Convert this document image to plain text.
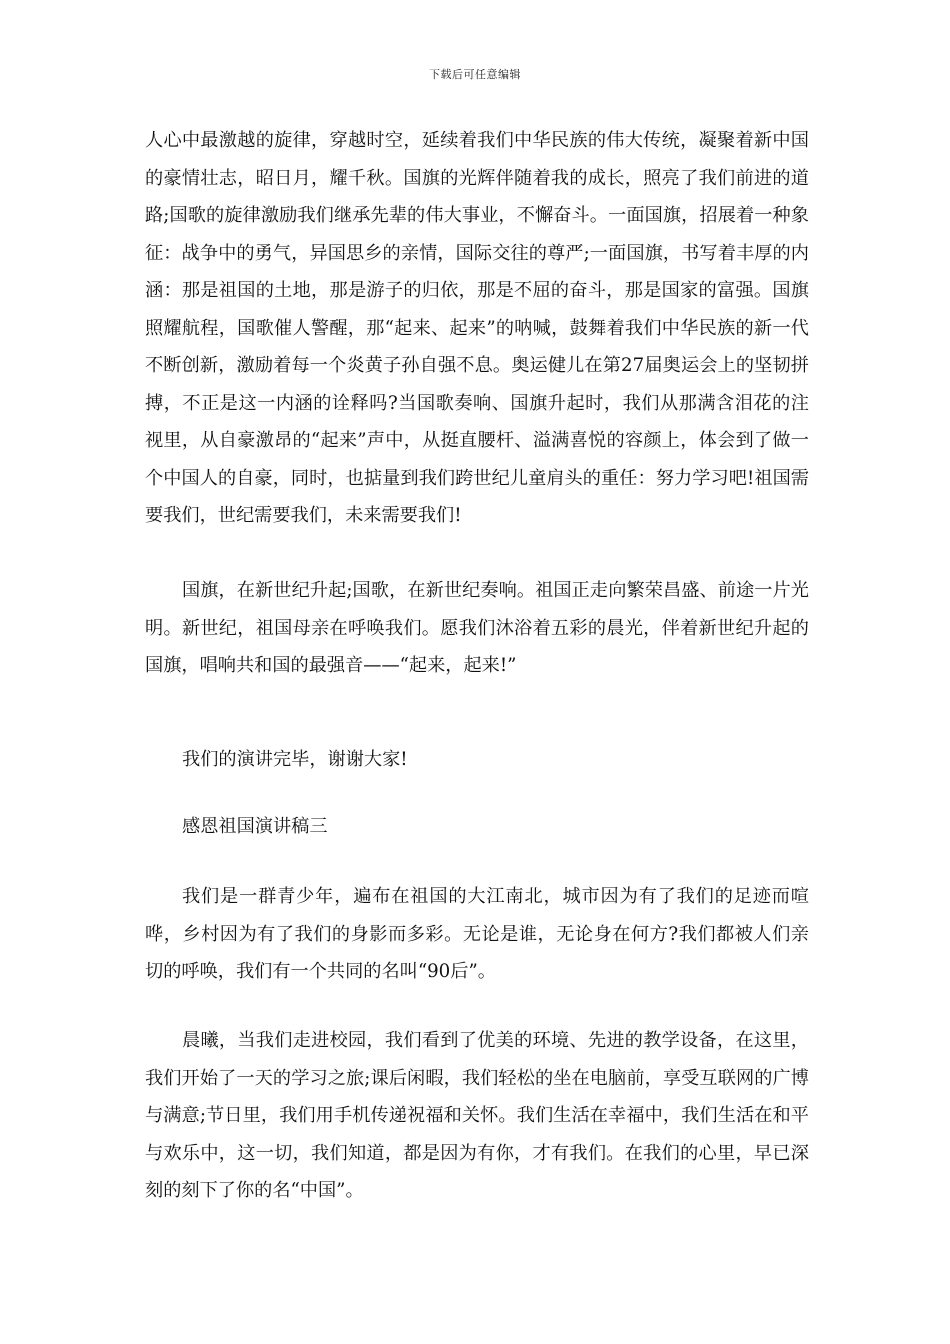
下载后可任意编辑

人心中最激越的旋律，穿越时空，延续着我们中华民族的伟大传统，凝聚着新中国的豪情壮志，昭日月，耀千秋。国旗的光辉伴随着我的成长，照亮了我们前进的道路;国歌的旋律激励我们继承先辈的伟大事业，不懈奋斗。一面国旗，招展着一种象征：战争中的勇气，异国思乡的亲情，国际交往的尊严;一面国旗，书写着丰厚的内涵：那是祖国的土地，那是游子的归依，那是不屈的奋斗，那是国家的富强。国旗照耀航程，国歌催人警醒，那“起来、起来”的呐喊，鼓舞着我们中华民族的新一代不断创新，激励着每一个炎黄子孙自强不息。奥运健儿在第27届奥运会上的坚韧拼搏，不正是这一内涵的诠释吗?当国歌奏响、国旗升起时，我们从那满含泪花的注视里，从自豪激昂的“起来”声中，从挺直腰杆、溢满喜悦的容颜上，体会到了做一个中国人的自豪，同时，也掂量到我们跨世纪儿童肩头的重任：努力学习吧!祖国需要我们，世纪需要我们，未来需要我们!

国旗，在新世纪升起;国歌，在新世纪奏响。祖国正走向繁荣昌盛、前途一片光明。新世纪，祖国母亲在呼唤我们。愿我们沐浴着五彩的晨光，伴着新世纪升起的国旗，唱响共和国的最强音——“起来，起来!”

我们的演讲完毕，谢谢大家!

感恩祖国演讲稿三

我们是一群青少年，遍布在祖国的大江南北，城市因为有了我们的足迹而喧哗，乡村因为有了我们的身影而多彩。无论是谁，无论身在何方?我们都被人们亲切的呼唤，我们有一个共同的名叫“90后”。

晨曦，当我们走进校园，我们看到了优美的环境、先进的教学设备，在这里，我们开始了一天的学习之旅;课后闲暇，我们轻松的坐在电脑前，享受互联网的广博与满意;节日里，我们用手机传递祝福和关怀。我们生活在幸福中，我们生活在和平与欢乐中，这一切，我们知道，都是因为有你，才有我们。在我们的心里，早已深刻的刻下了你的名“中国”。
